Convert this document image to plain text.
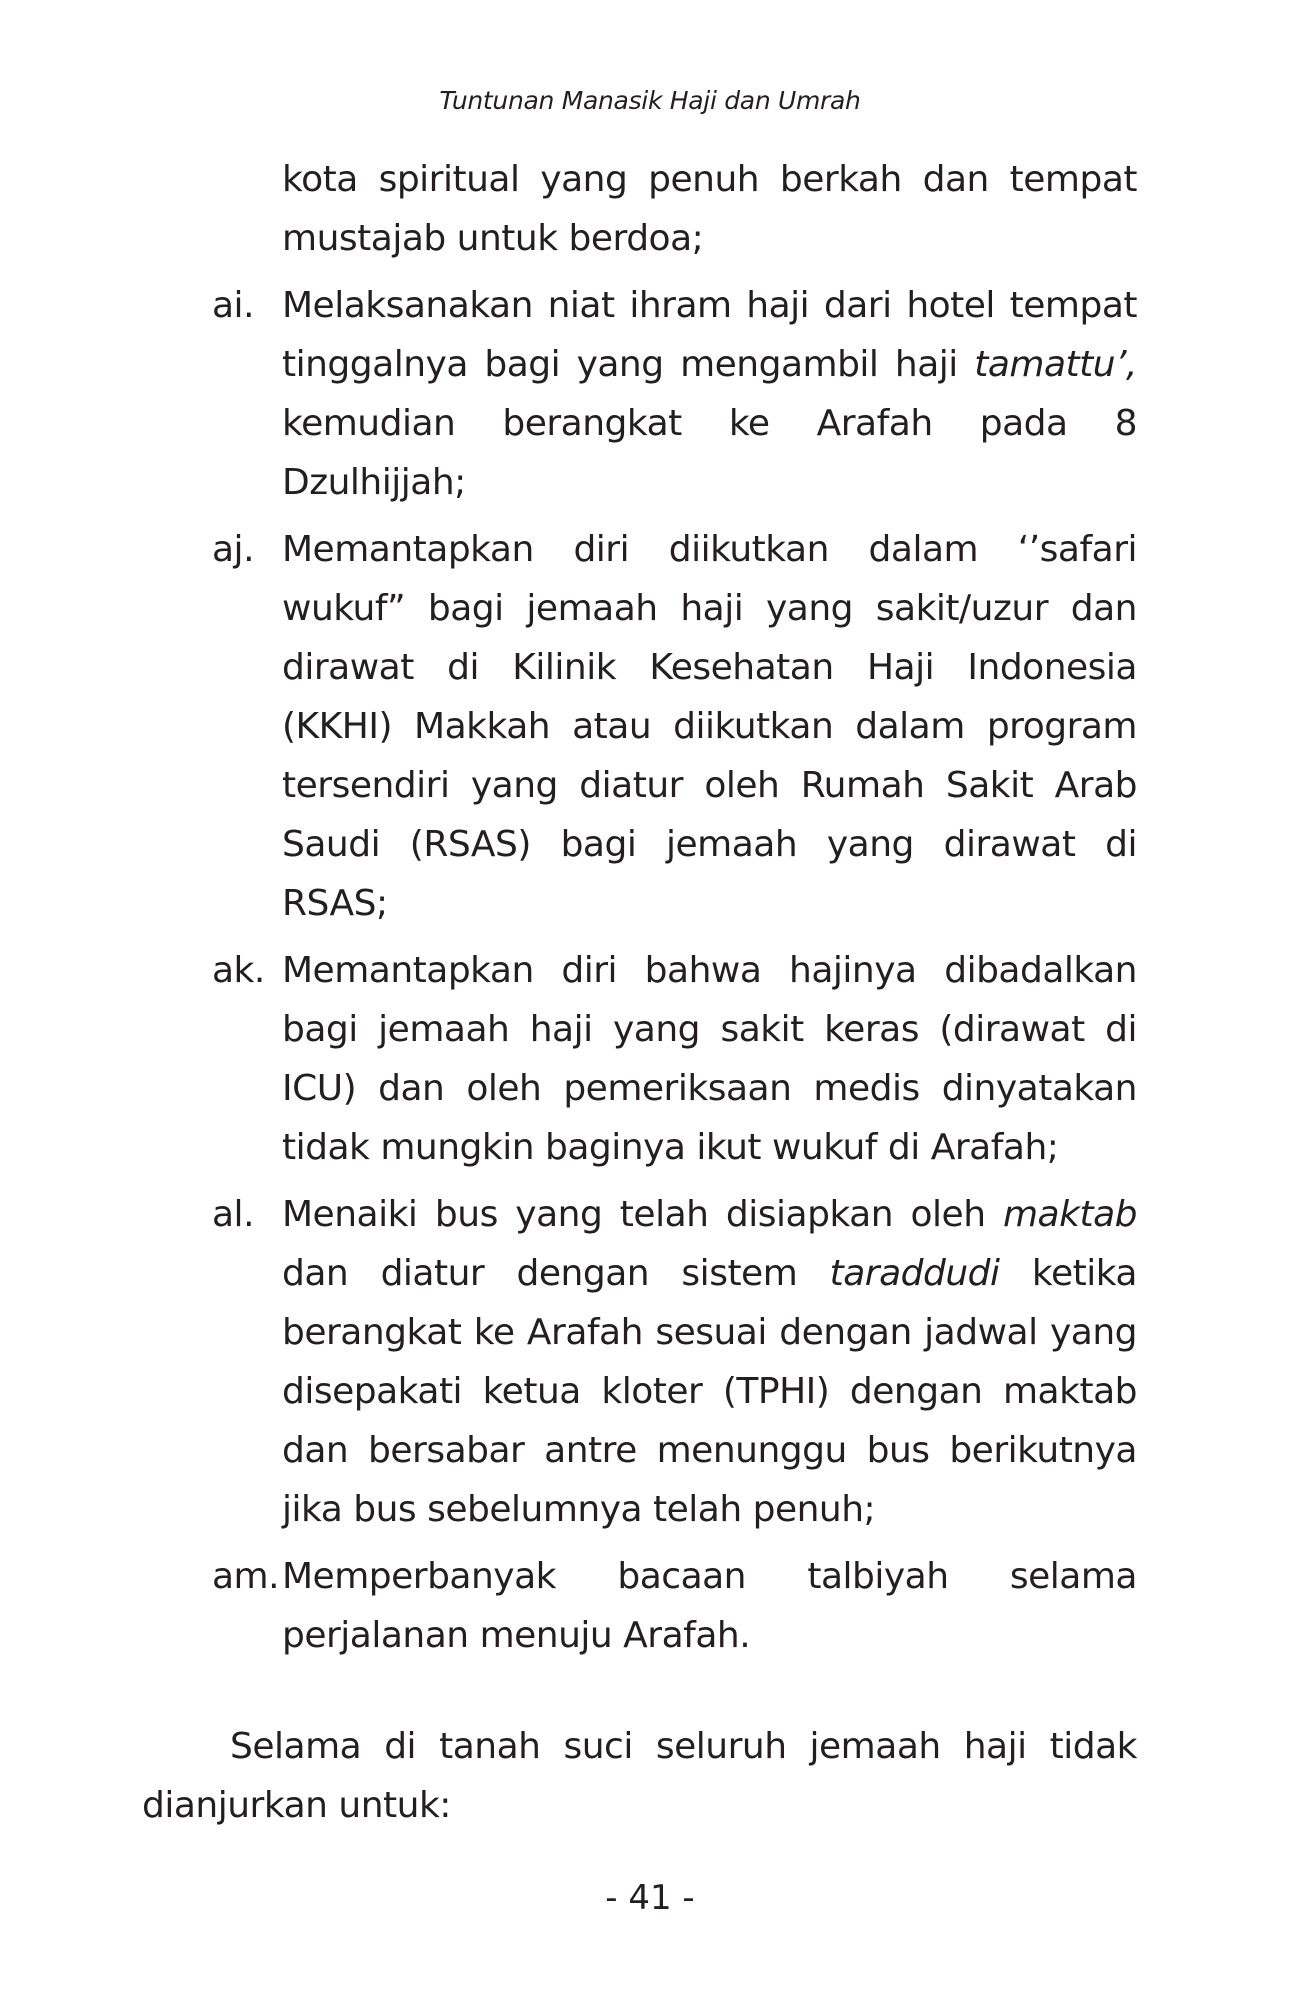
Tuntunan Manasik Haji dan Umrah
kota spiritual yang penuh berkah dan tempat mustajab untuk berdoa;
ai. Melaksanakan niat ihram haji dari hotel tempat tinggalnya bagi yang mengambil haji tamattu’, kemudian berangkat ke Arafah pada 8 Dzulhijjah;
aj. Memantapkan diri diikutkan dalam ‘’safari wukuf” bagi jemaah haji yang sakit/uzur dan dirawat di Kilinik Kesehatan Haji Indonesia (KKHI) Makkah atau diikutkan dalam program tersendiri yang diatur oleh Rumah Sakit Arab Saudi (RSAS) bagi jemaah yang dirawat di RSAS;
ak. Memantapkan diri bahwa hajinya dibadalkan bagi jemaah haji yang sakit keras (dirawat di ICU) dan oleh pemeriksaan medis dinyatakan tidak mungkin baginya ikut wukuf di Arafah;
al. Menaiki bus yang telah disiapkan oleh maktab dan diatur dengan sistem taraddudi ketika berangkat ke Arafah sesuai dengan jadwal yang disepakati ketua kloter (TPHI) dengan maktab dan bersabar antre menunggu bus berikutnya jika bus sebelumnya telah penuh;
am. Memperbanyak bacaan talbiyah selama perjalanan menuju Arafah.

Selama di tanah suci seluruh jemaah haji tidak dianjurkan untuk:

- 41 -
